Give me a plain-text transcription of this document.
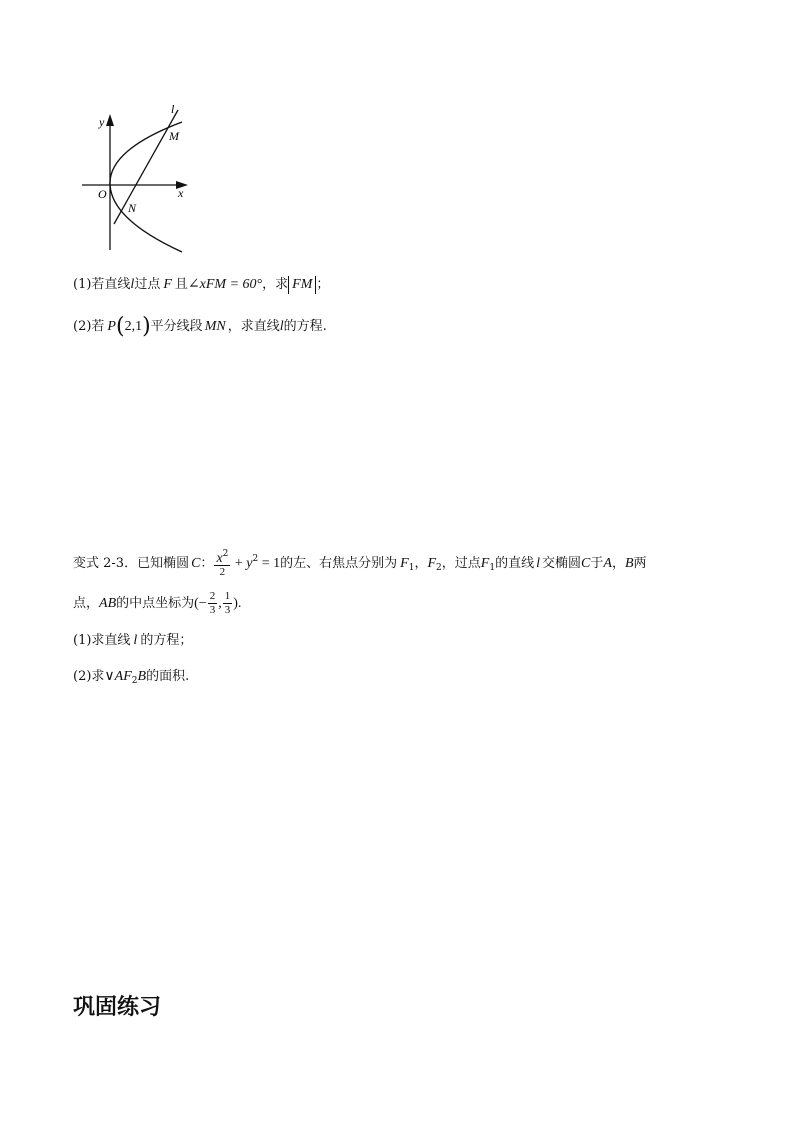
y
x
O
l
M
N
(1)若直线l过点 F 且∠xFM = 60°，求 FM ；
(2)若 P(2,1)平分线段 MN ，求直线l的方程.
变式 2-3．已知椭圆 C： $\frac{x^2}{2} + y^2 = 1$的左、右焦点分别为 $F_1$，$F_2$，过点$F_1$的直线 l 交椭圆C于A，B两
点，AB的中点坐标为(− $\frac{2}{3}$ , $\frac{1}{3}$ ).
(1)求直线 l 的方程；
(2)求$\vee AF_2B$的面积.
巩固练习
